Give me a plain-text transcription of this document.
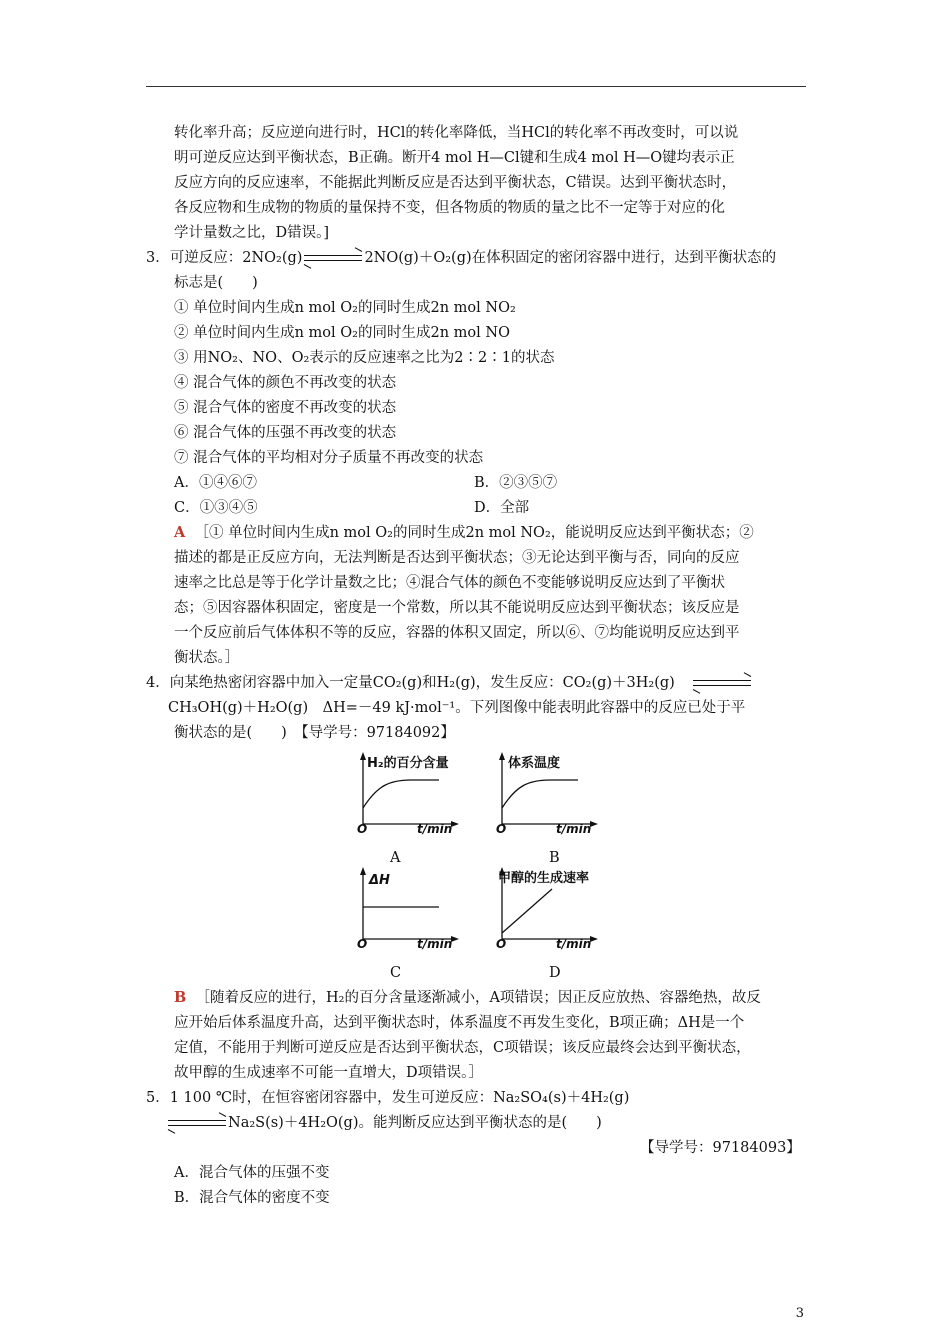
转化率升高；反应逆向进行时，HCl的转化率降低，当HCl的转化率不再改变时，可以说
明可逆反应达到平衡状态，B正确。断开4 mol H—Cl键和生成4 mol H—O键均表示正
反应方向的反应速率，不能据此判断反应是否达到平衡状态，C错误。达到平衡状态时，
各反应物和生成物的物质的量保持不变，但各物质的物质的量之比不一定等于对应的化
学计量数之比，D错误。]
3．可逆反应：2NO₂(g)	2NO(g)＋O₂(g)在体积固定的密闭容器中进行，达到平衡状态的
标志是(　　)
① 单位时间内生成n mol O₂的同时生成2n mol NO₂
② 单位时间内生成n mol O₂的同时生成2n mol NO
③ 用NO₂、NO、O₂表示的反应速率之比为2∶2∶1的状态
④ 混合气体的颜色不再改变的状态
⑤ 混合气体的密度不再改变的状态
⑥ 混合气体的压强不再改变的状态
⑦ 混合气体的平均相对分子质量不再改变的状态
A．①④⑥⑦	B．②③⑤⑦
C．①③④⑤	D．全部
A ［① 单位时间内生成n mol O₂的同时生成2n mol NO₂，能说明反应达到平衡状态；②
描述的都是正反应方向，无法判断是否达到平衡状态；③无论达到平衡与否，同向的反应
速率之比总是等于化学计量数之比；④混合气体的颜色不变能够说明反应达到了平衡状
态；⑤因容器体积固定，密度是一个常数，所以其不能说明反应达到平衡状态；该反应是
一个反应前后气体体积不等的反应，容器的体积又固定，所以⑥、⑦均能说明反应达到平
衡状态。］
4．向某绝热密闭容器中加入一定量CO₂(g)和H₂(g)，发生反应：CO₂(g)＋3H₂(g)
CH₃OH(g)＋H₂O(g)　ΔH=－49 kJ·mol⁻¹。下列图像中能表明此容器中的反应已处于平
衡状态的是(　　)　【导学号：97184092】
H₂的百分含量
O	t/min
A
体系温度
O	t/min
B
ΔH
O	t/min
C
甲醇的生成速率
O	t/min
D
B ［随着反应的进行，H₂的百分含量逐渐减小，A项错误；因正反应放热、容器绝热，故反
应开始后体系温度升高，达到平衡状态时，体系温度不再发生变化，B项正确；ΔH是一个
定值，不能用于判断可逆反应是否达到平衡状态，C项错误；该反应最终会达到平衡状态，
故甲醇的生成速率不可能一直增大，D项错误。］
5．1 100 ℃时，在恒容密闭容器中，发生可逆反应：Na₂SO₄(s)＋4H₂(g)
Na₂S(s)＋4H₂O(g)。能判断反应达到平衡状态的是(　　)
【导学号：97184093】
A．混合气体的压强不变
B．混合气体的密度不变
3
